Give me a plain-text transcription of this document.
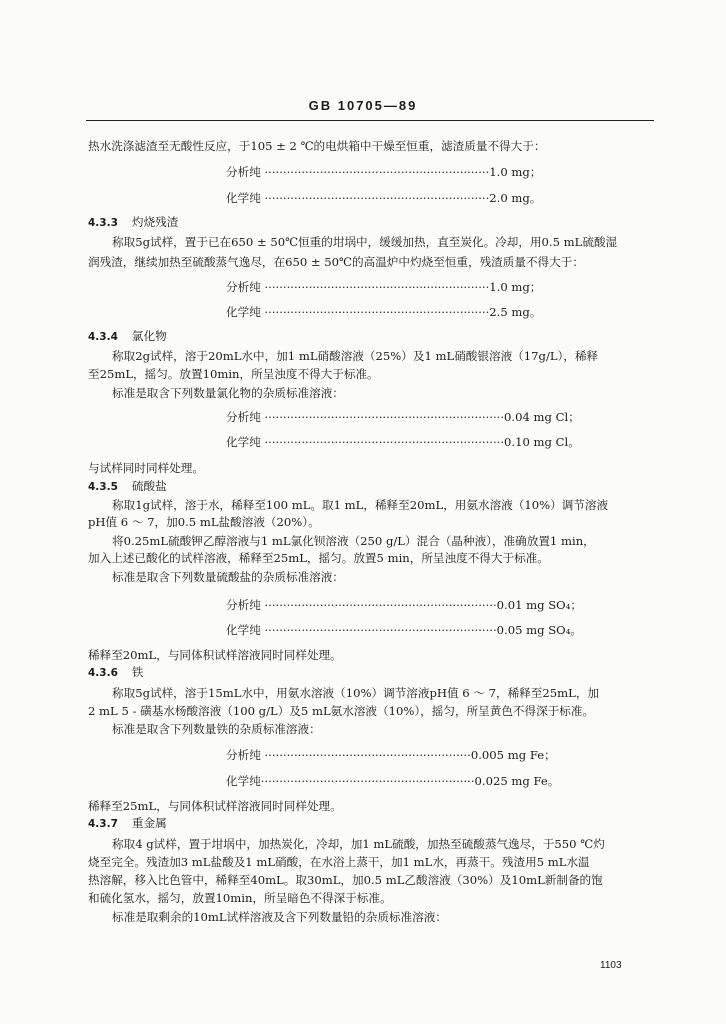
GB 10705—89
热水洗涤滤渣至无酸性反应，于105 ± 2 ℃的电烘箱中干燥至恒重，滤渣质量不得大于：
分析纯 ·····························································1.0 mg；
化学纯 ·····························································2.0 mg。
4.3.3 灼烧残渣
称取5g试样，置于已在650 ± 50℃恒重的坩埚中，缓缓加热，直至炭化。冷却，用0.5 mL硫酸湿
润残渣，继续加热至硫酸蒸气逸尽，在650 ± 50℃的高温炉中灼烧至恒重，残渣质量不得大于：
分析纯 ·····························································1.0 mg；
化学纯 ·····························································2.5 mg。
4.3.4 氯化物
称取2g试样，溶于20mL水中，加1 mL硝酸溶液（25%）及1 mL硝酸银溶液（17g/L），稀释
至25mL，摇匀。放置10min，所呈浊度不得大于标准。
标准是取含下列数量氯化物的杂质标准溶液：
分析纯 ·································································0.04 mg Cl；
化学纯 ·································································0.10 mg Cl。
与试样同时同样处理。
4.3.5 硫酸盐
称取1g试样，溶于水，稀释至100 mL。取1 mL，稀释至20mL，用氨水溶液（10%）调节溶液
pH值 6 ～ 7，加0.5 mL盐酸溶液（20%）。
将0.25mL硫酸钾乙醇溶液与1 mL氯化钡溶液（250 g/L）混合（晶种液），准确放置1 min，
加入上述已酸化的试样溶液，稀释至25mL，摇匀。放置5 min，所呈浊度不得大于标准。
标准是取含下列数量硫酸盐的杂质标准溶液：
分析纯 ·······························································0.01 mg SO₄；
化学纯 ·······························································0.05 mg SO₄。
稀释至20mL，与同体积试样溶液同时同样处理。
4.3.6 铁
称取5g试样，溶于15mL水中，用氨水溶液（10%）调节溶液pH值 6 ～ 7，稀释至25mL，加
2 mL 5 - 磺基水杨酸溶液（100 g/L）及5 mL氨水溶液（10%），摇匀，所呈黄色不得深于标准。
标准是取含下列数量铁的杂质标准溶液：
分析纯 ························································0.005 mg Fe；
化学纯··························································0.025 mg Fe。
稀释至25mL，与同体积试样溶液同时同样处理。
4.3.7 重金属
称取4 g试样，置于坩埚中，加热炭化，冷却，加1 mL硫酸，加热至硫酸蒸气逸尽，于550 ℃灼
烧至完全。残渣加3 mL盐酸及1 mL硝酸，在水浴上蒸干，加1 mL水，再蒸干。残渣用5 mL水温
热溶解，移入比色管中，稀释至40mL。取30mL，加0.5 mL乙酸溶液（30%）及10mL新制备的饱
和硫化氢水，摇匀，放置10min，所呈暗色不得深于标准。
标准是取剩余的10mL试样溶液及含下列数量铅的杂质标准溶液：
1103
